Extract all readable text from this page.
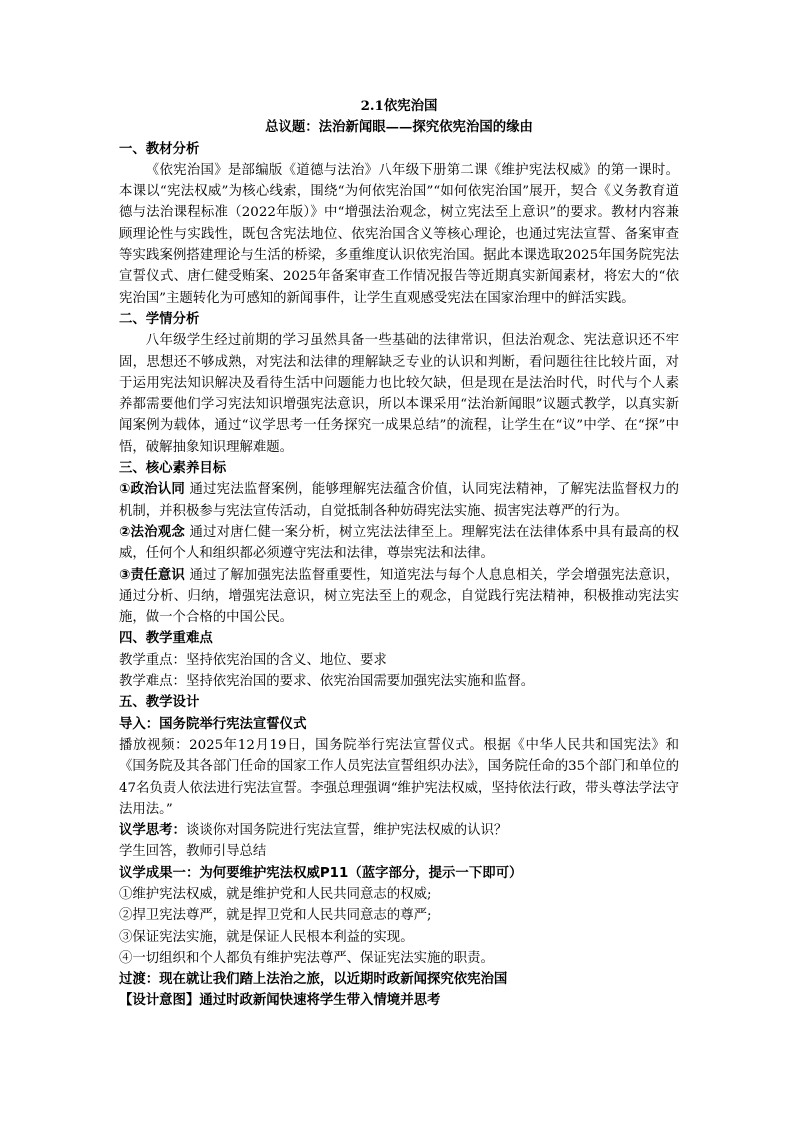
2.1依宪治国

总议题：法治新闻眼——探究依宪治国的缘由

一、教材分析

《依宪治国》是部编版《道德与法治》八年级下册第二课《维护宪法权威》的第一课时。本课以“宪法权威”为核心线索，围绕“为何依宪治国”“如何依宪治国”展开，契合《义务教育道德与法治课程标准（2022年版）》中“增强法治观念，树立宪法至上意识”的要求。教材内容兼顾理论性与实践性，既包含宪法地位、依宪治国含义等核心理论，也通过宪法宣誓、备案审查等实践案例搭建理论与生活的桥梁，多重维度认识依宪治国。据此本课选取2025年国务院宪法宣誓仪式、唐仁健受贿案、2025年备案审查工作情况报告等近期真实新闻素材，将宏大的“依宪治国”主题转化为可感知的新闻事件，让学生直观感受宪法在国家治理中的鲜活实践。

二、学情分析

八年级学生经过前期的学习虽然具备一些基础的法律常识，但法治观念、宪法意识还不牢固，思想还不够成熟，对宪法和法律的理解缺乏专业的认识和判断，看问题往往比较片面，对于运用宪法知识解决及看待生活中问题能力也比较欠缺，但是现在是法治时代，时代与个人素养都需要他们学习宪法知识增强宪法意识，所以本课采用“法治新闻眼”议题式教学，以真实新闻案例为载体，通过“议学思考一任务探究一成果总结”的流程，让学生在“议”中学、在“探”中悟，破解抽象知识理解难题。

三、核心素养目标

①政治认同 通过宪法监督案例，能够理解宪法蕴含价值，认同宪法精神，了解宪法监督权力的机制，并积极参与宪法宣传活动，自觉抵制各种妨碍宪法实施、损害宪法尊严的行为。

②法治观念 通过对唐仁健一案分析，树立宪法法律至上。理解宪法在法律体系中具有最高的权威，任何个人和组织都必须遵守宪法和法律，尊崇宪法和法律。

③责任意识 通过了解加强宪法监督重要性，知道宪法与每个人息息相关，学会增强宪法意识，通过分析、归纳，增强宪法意识，树立宪法至上的观念，自觉践行宪法精神，积极推动宪法实施，做一个合格的中国公民。

四、教学重难点

教学重点：坚持依宪治国的含义、地位、要求

教学难点：坚持依宪治国的要求、依宪治国需要加强宪法实施和监督。

五、教学设计

导入：国务院举行宪法宣誓仪式

播放视频：2025年12月19日，国务院举行宪法宣誓仪式。根据《中华人民共和国宪法》和《国务院及其各部门任命的国家工作人员宪法宣誓组织办法》，国务院任命的35个部门和单位的47名负责人依法进行宪法宣誓。李强总理强调“维护宪法权威，坚持依法行政，带头尊法学法守法用法。”

议学思考：谈谈你对国务院进行宪法宣誓，维护宪法权威的认识？

学生回答，教师引导总结

议学成果一：为何要维护宪法权威P11（蓝字部分，提示一下即可）

①维护宪法权威，就是维护党和人民共同意志的权威;

②捍卫宪法尊严，就是捍卫党和人民共同意志的尊严;

③保证宪法实施，就是保证人民根本利益的实现。

④一切组织和个人都负有维护宪法尊严、保证宪法实施的职责。

过渡：现在就让我们踏上法治之旅，以近期时政新闻探究依宪治国

【设计意图】通过时政新闻快速将学生带入情境并思考
